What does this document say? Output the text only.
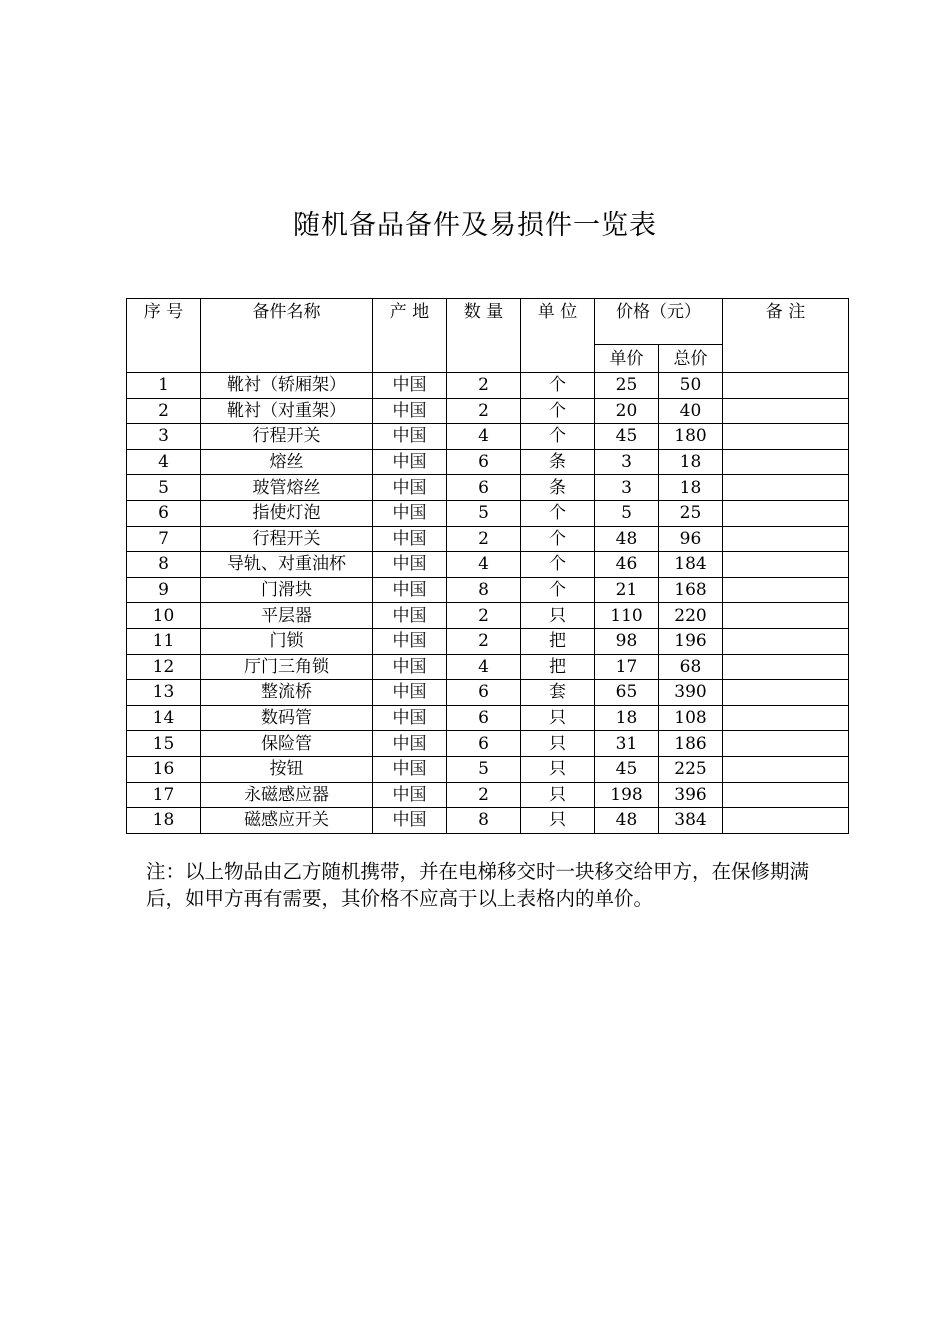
随机备品备件及易损件一览表
序 号	备件名称	产 地	数 量	单 位	价格（元）		备 注
					单价	总价	
1	靴衬（轿厢架）	中国	2	个	25	50	
2	靴衬（对重架）	中国	2	个	20	40	
3	行程开关	中国	4	个	45	180	
4	熔丝	中国	6	条	3	18	
5	玻管熔丝	中国	6	条	3	18	
6	指使灯泡	中国	5	个	5	25	
7	行程开关	中国	2	个	48	96	
8	导轨、对重油杯	中国	4	个	46	184	
9	门滑块	中国	8	个	21	168	
10	平层器	中国	2	只	110	220	
11	门锁	中国	2	把	98	196	
12	厅门三角锁	中国	4	把	17	68	
13	整流桥	中国	6	套	65	390	
14	数码管	中国	6	只	18	108	
15	保险管	中国	6	只	31	186	
16	按钮	中国	5	只	45	225	
17	永磁感应器	中国	2	只	198	396	
18	磁感应开关	中国	8	只	48	384	
注：以上物品由乙方随机携带，并在电梯移交时一块移交给甲方，在保修期满后，如甲方再有需要，其价格不应高于以上表格内的单价。
